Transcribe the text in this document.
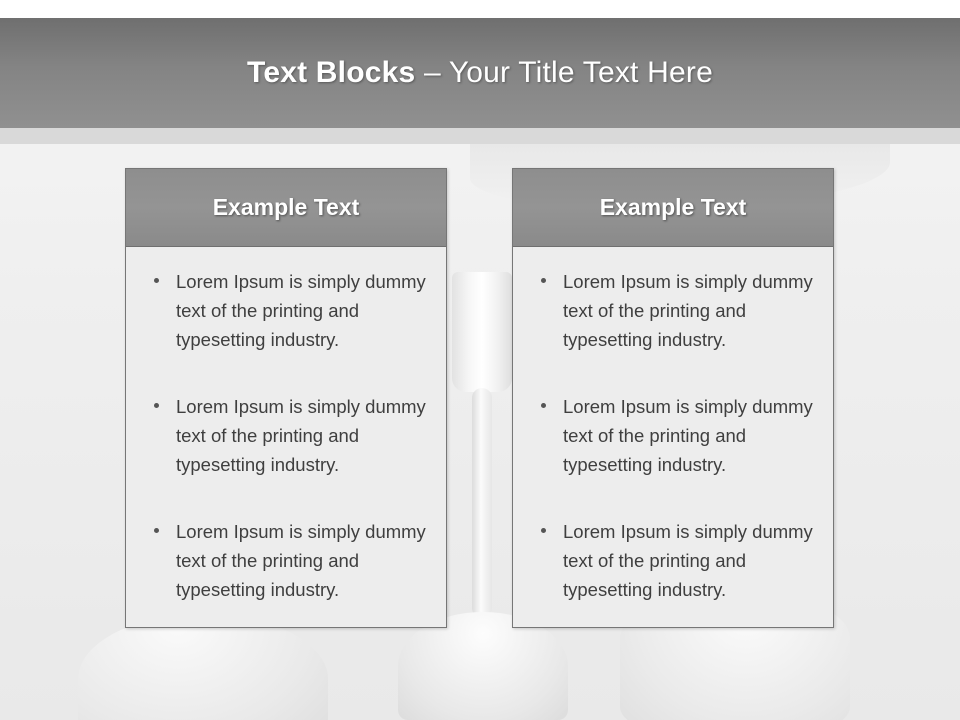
Text Blocks – Your Title Text Here
Example Text
Lorem Ipsum is simply dummy text of the printing and typesetting industry.
Lorem Ipsum is simply dummy text of the printing and typesetting industry.
Lorem Ipsum is simply dummy text of the printing and typesetting industry.
Example Text
Lorem Ipsum is simply dummy text of the printing and typesetting industry.
Lorem Ipsum is simply dummy text of the printing and typesetting industry.
Lorem Ipsum is simply dummy text of the printing and typesetting industry.
